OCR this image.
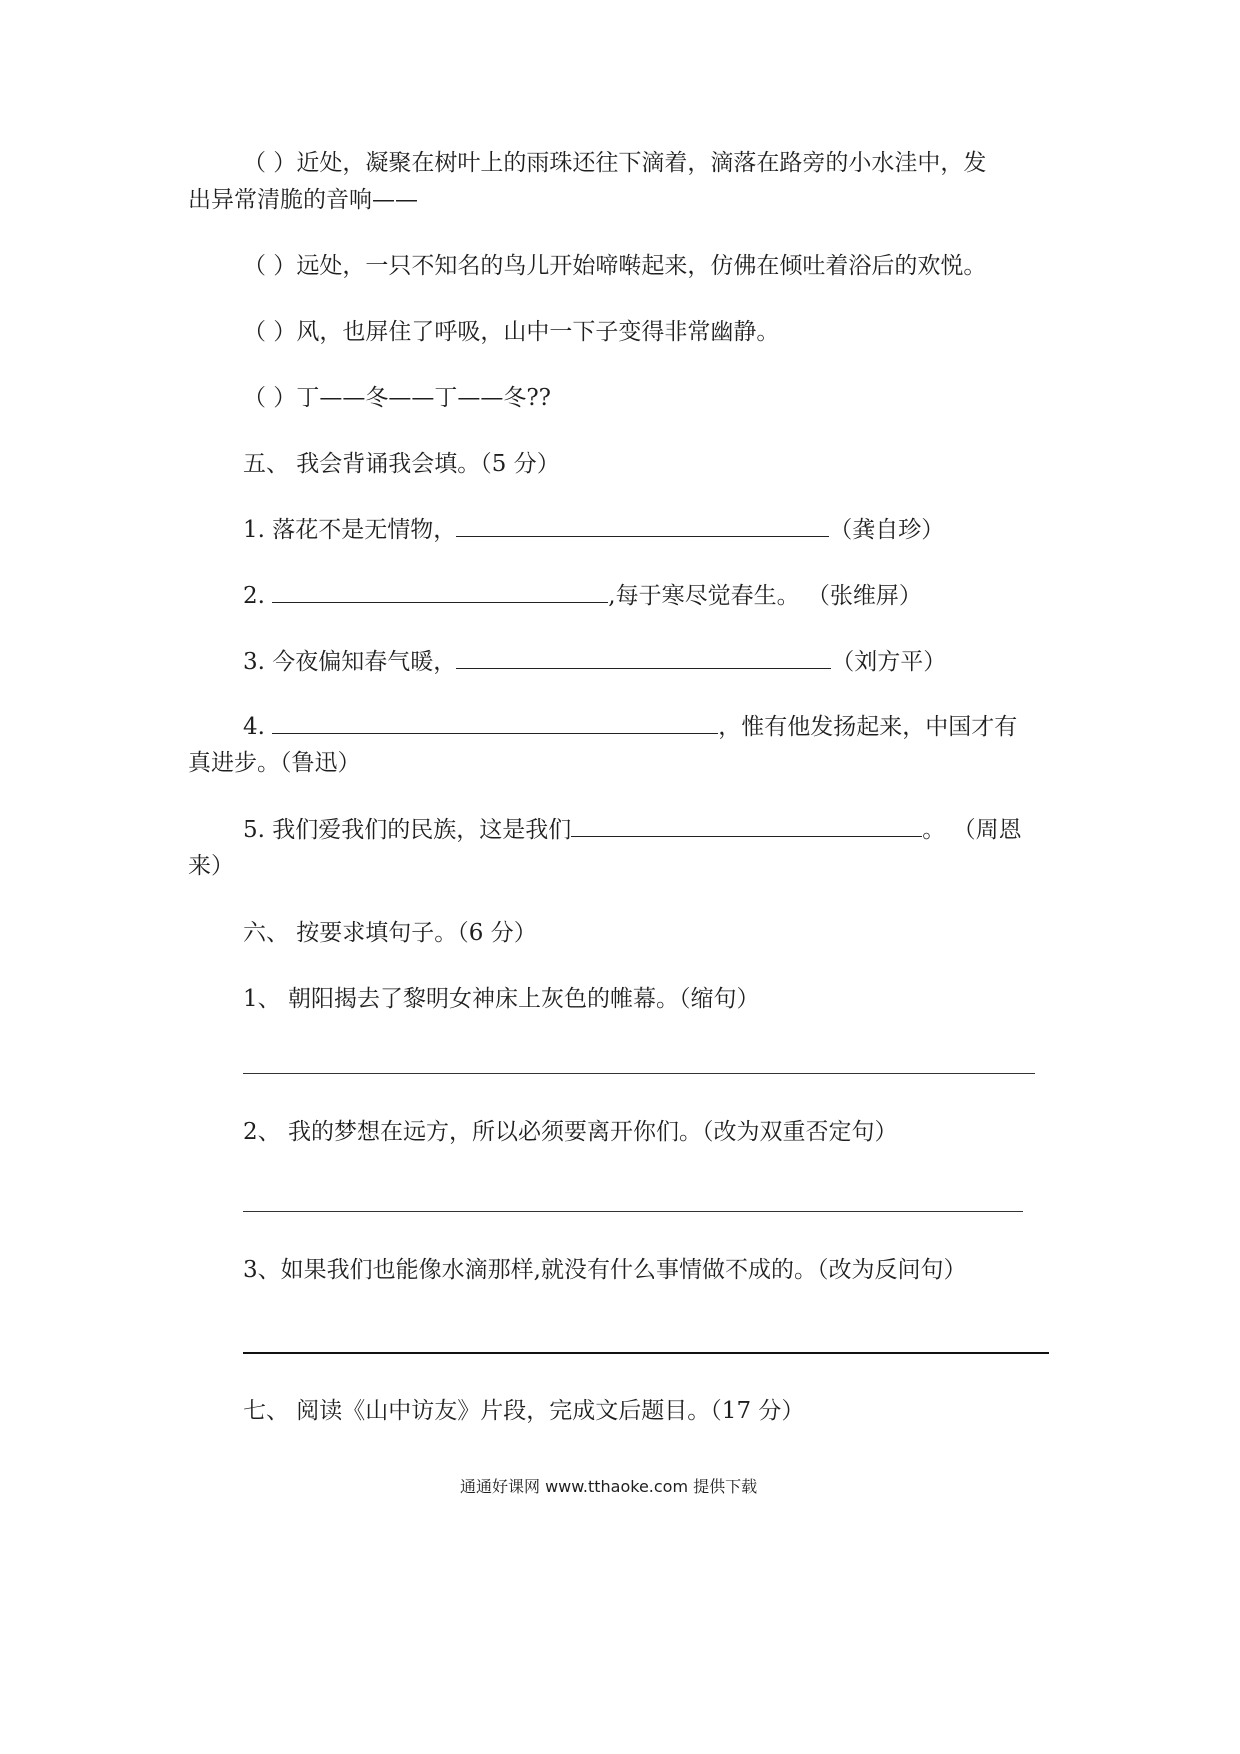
（ ）近处，凝聚在树叶上的雨珠还往下滴着，滴落在路旁的小水洼中，发
出异常清脆的音响——
（ ）远处，一只不知名的鸟儿开始啼啭起来，仿佛在倾吐着浴后的欢悦。
（ ）风，也屏住了呼吸，山中一下子变得非常幽静。
（ ）丁——冬——丁——冬??
五、 我会背诵我会填。（5 分）
1. 落花不是无情物，	（龚自珍）
2.	,每于寒尽觉春生。 （张维屏）
3. 今夜偏知春气暖，	（刘方平）
4.	，惟有他发扬起来，中国才有
真进步。（鲁迅）
5. 我们爱我们的民族，这是我们	。 （周恩
来）
六、 按要求填句子。（6 分）
1、 朝阳揭去了黎明女神床上灰色的帷幕。（缩句）
2、 我的梦想在远方，所以必须要离开你们。（改为双重否定句）
3、如果我们也能像水滴那样,就没有什么事情做不成的。（改为反问句）
七、 阅读《山中访友》片段，完成文后题目。（17 分）
通通好课网 www.tthaoke.com 提供下载
